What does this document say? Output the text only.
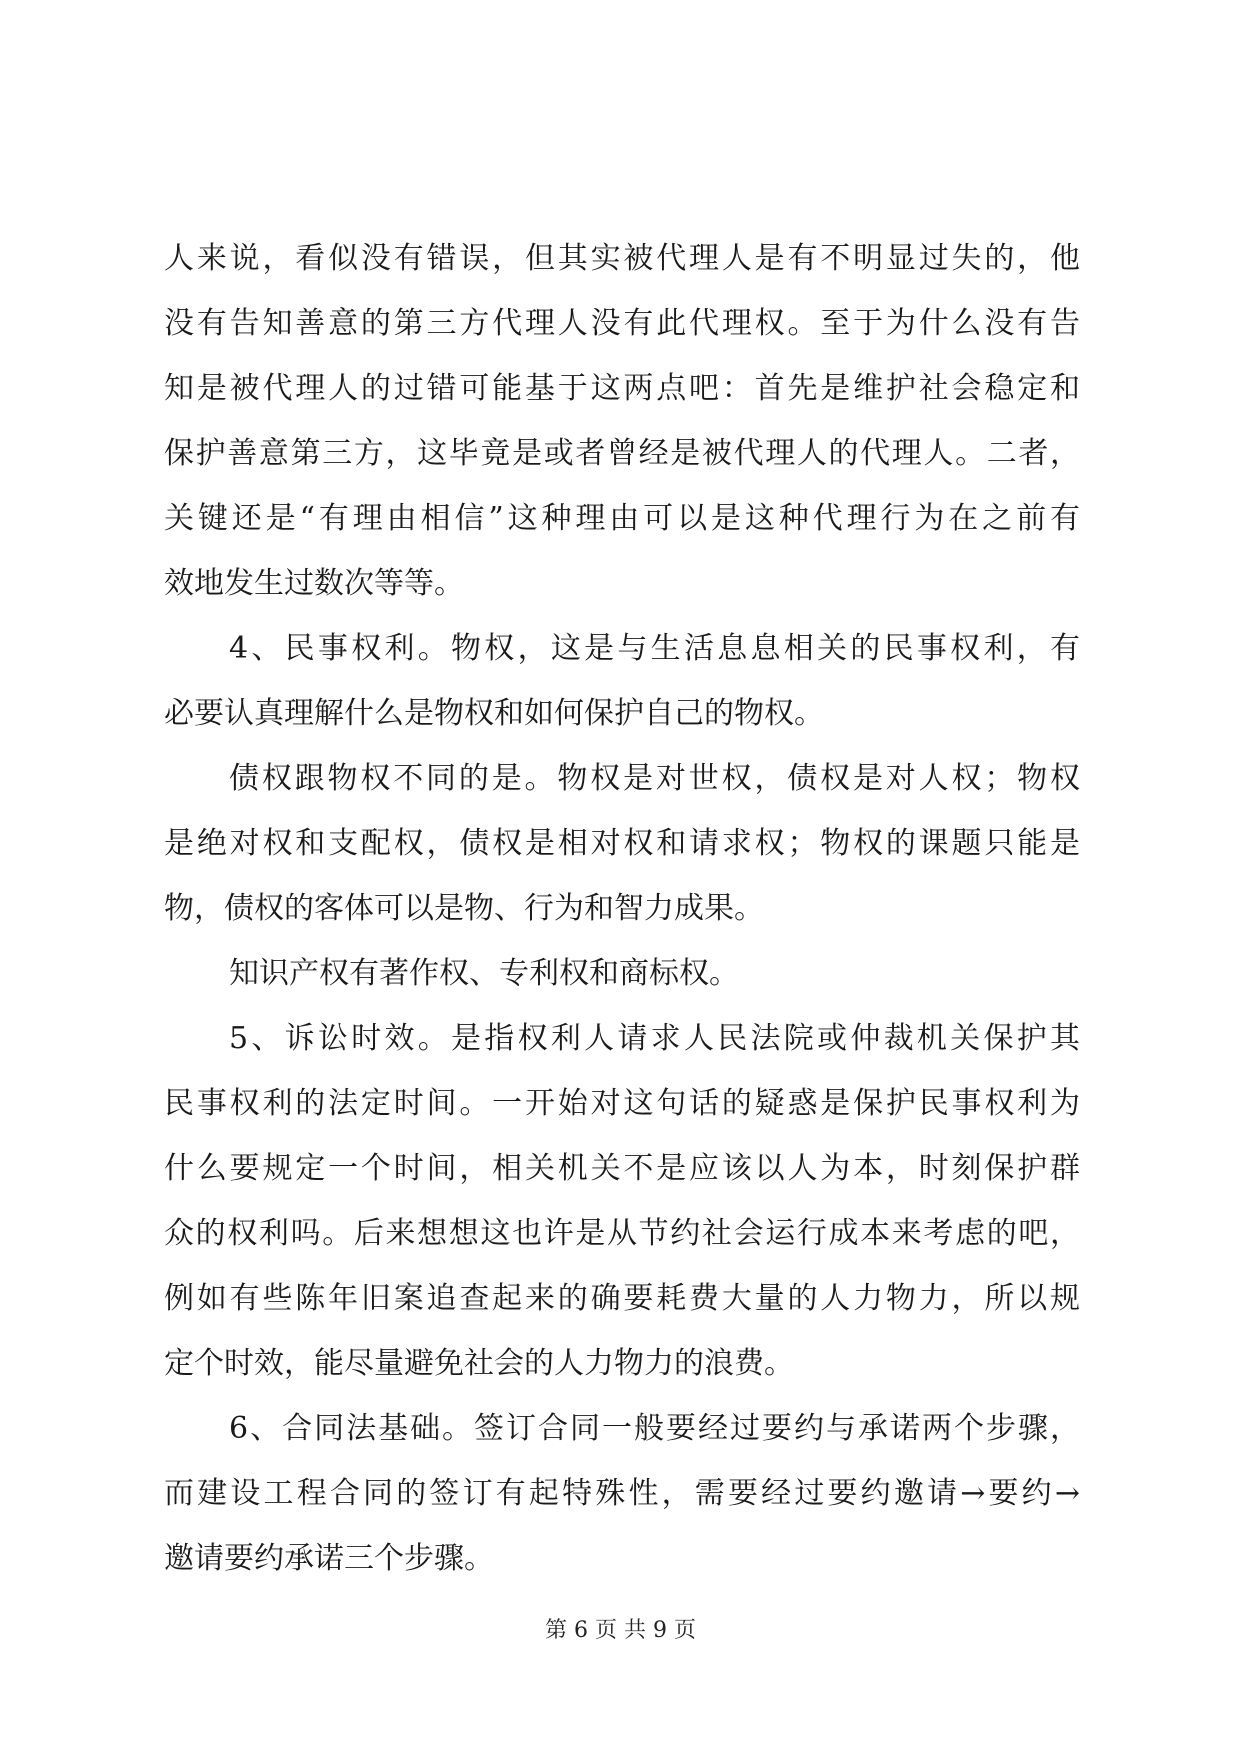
人来说，看似没有错误，但其实被代理人是有不明显过失的，他
没有告知善意的第三方代理人没有此代理权。至于为什么没有告
知是被代理人的过错可能基于这两点吧：首先是维护社会稳定和
保护善意第三方，这毕竟是或者曾经是被代理人的代理人。二者，
关键还是“有理由相信”这种理由可以是这种代理行为在之前有
效地发生过数次等等。
4、民事权利。物权，这是与生活息息相关的民事权利，有
必要认真理解什么是物权和如何保护自己的物权。
债权跟物权不同的是。物权是对世权，债权是对人权；物权
是绝对权和支配权，债权是相对权和请求权；物权的课题只能是
物，债权的客体可以是物、行为和智力成果。
知识产权有著作权、专利权和商标权。
5、诉讼时效。是指权利人请求人民法院或仲裁机关保护其
民事权利的法定时间。一开始对这句话的疑惑是保护民事权利为
什么要规定一个时间，相关机关不是应该以人为本，时刻保护群
众的权利吗。后来想想这也许是从节约社会运行成本来考虑的吧，
例如有些陈年旧案追查起来的确要耗费大量的人力物力，所以规
定个时效，能尽量避免社会的人力物力的浪费。
6、合同法基础。签订合同一般要经过要约与承诺两个步骤，
而建设工程合同的签订有起特殊性，需要经过要约邀请→要约→
邀请要约承诺三个步骤。
第 6 页 共 9 页
